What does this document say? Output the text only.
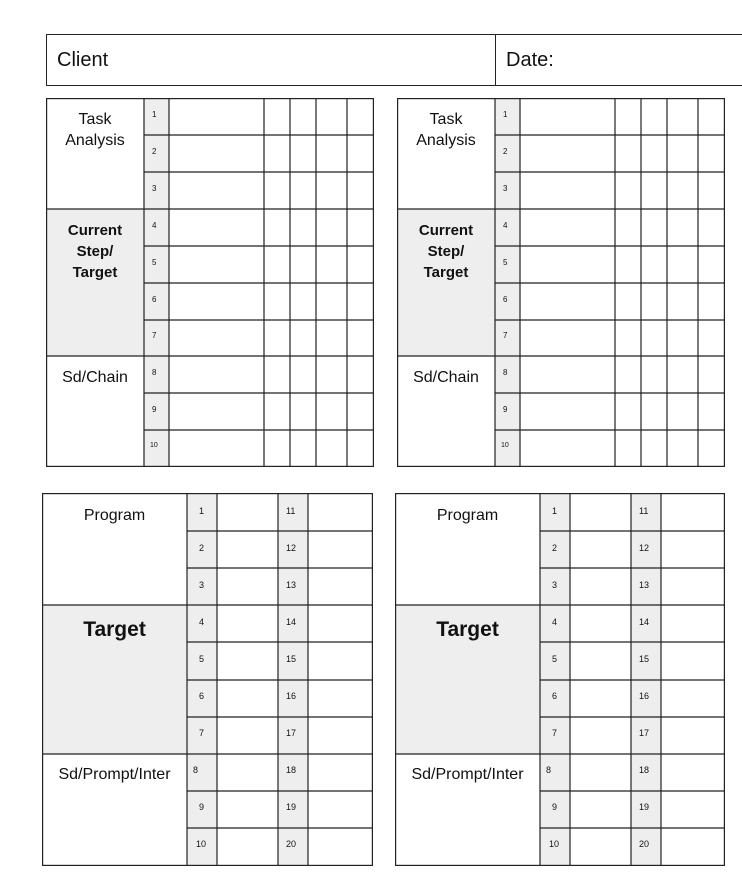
Client	Date:
Task
Analysis
Current
Step/
Target
Sd/Chain
1
2
3
4
5
6
7
8
9
10
Task
Analysis
Current
Step/
Target
Sd/Chain
1
2
3
4
5
6
7
8
9
10
Program
Target
Sd/Prompt/Inter
1
2
3
4
5
6
7
8
9
10
11
12
13
14
15
16
17
18
19
20
Program
Target
Sd/Prompt/Inter
1
2
3
4
5
6
7
8
9
10
11
12
13
14
15
16
17
18
19
20
